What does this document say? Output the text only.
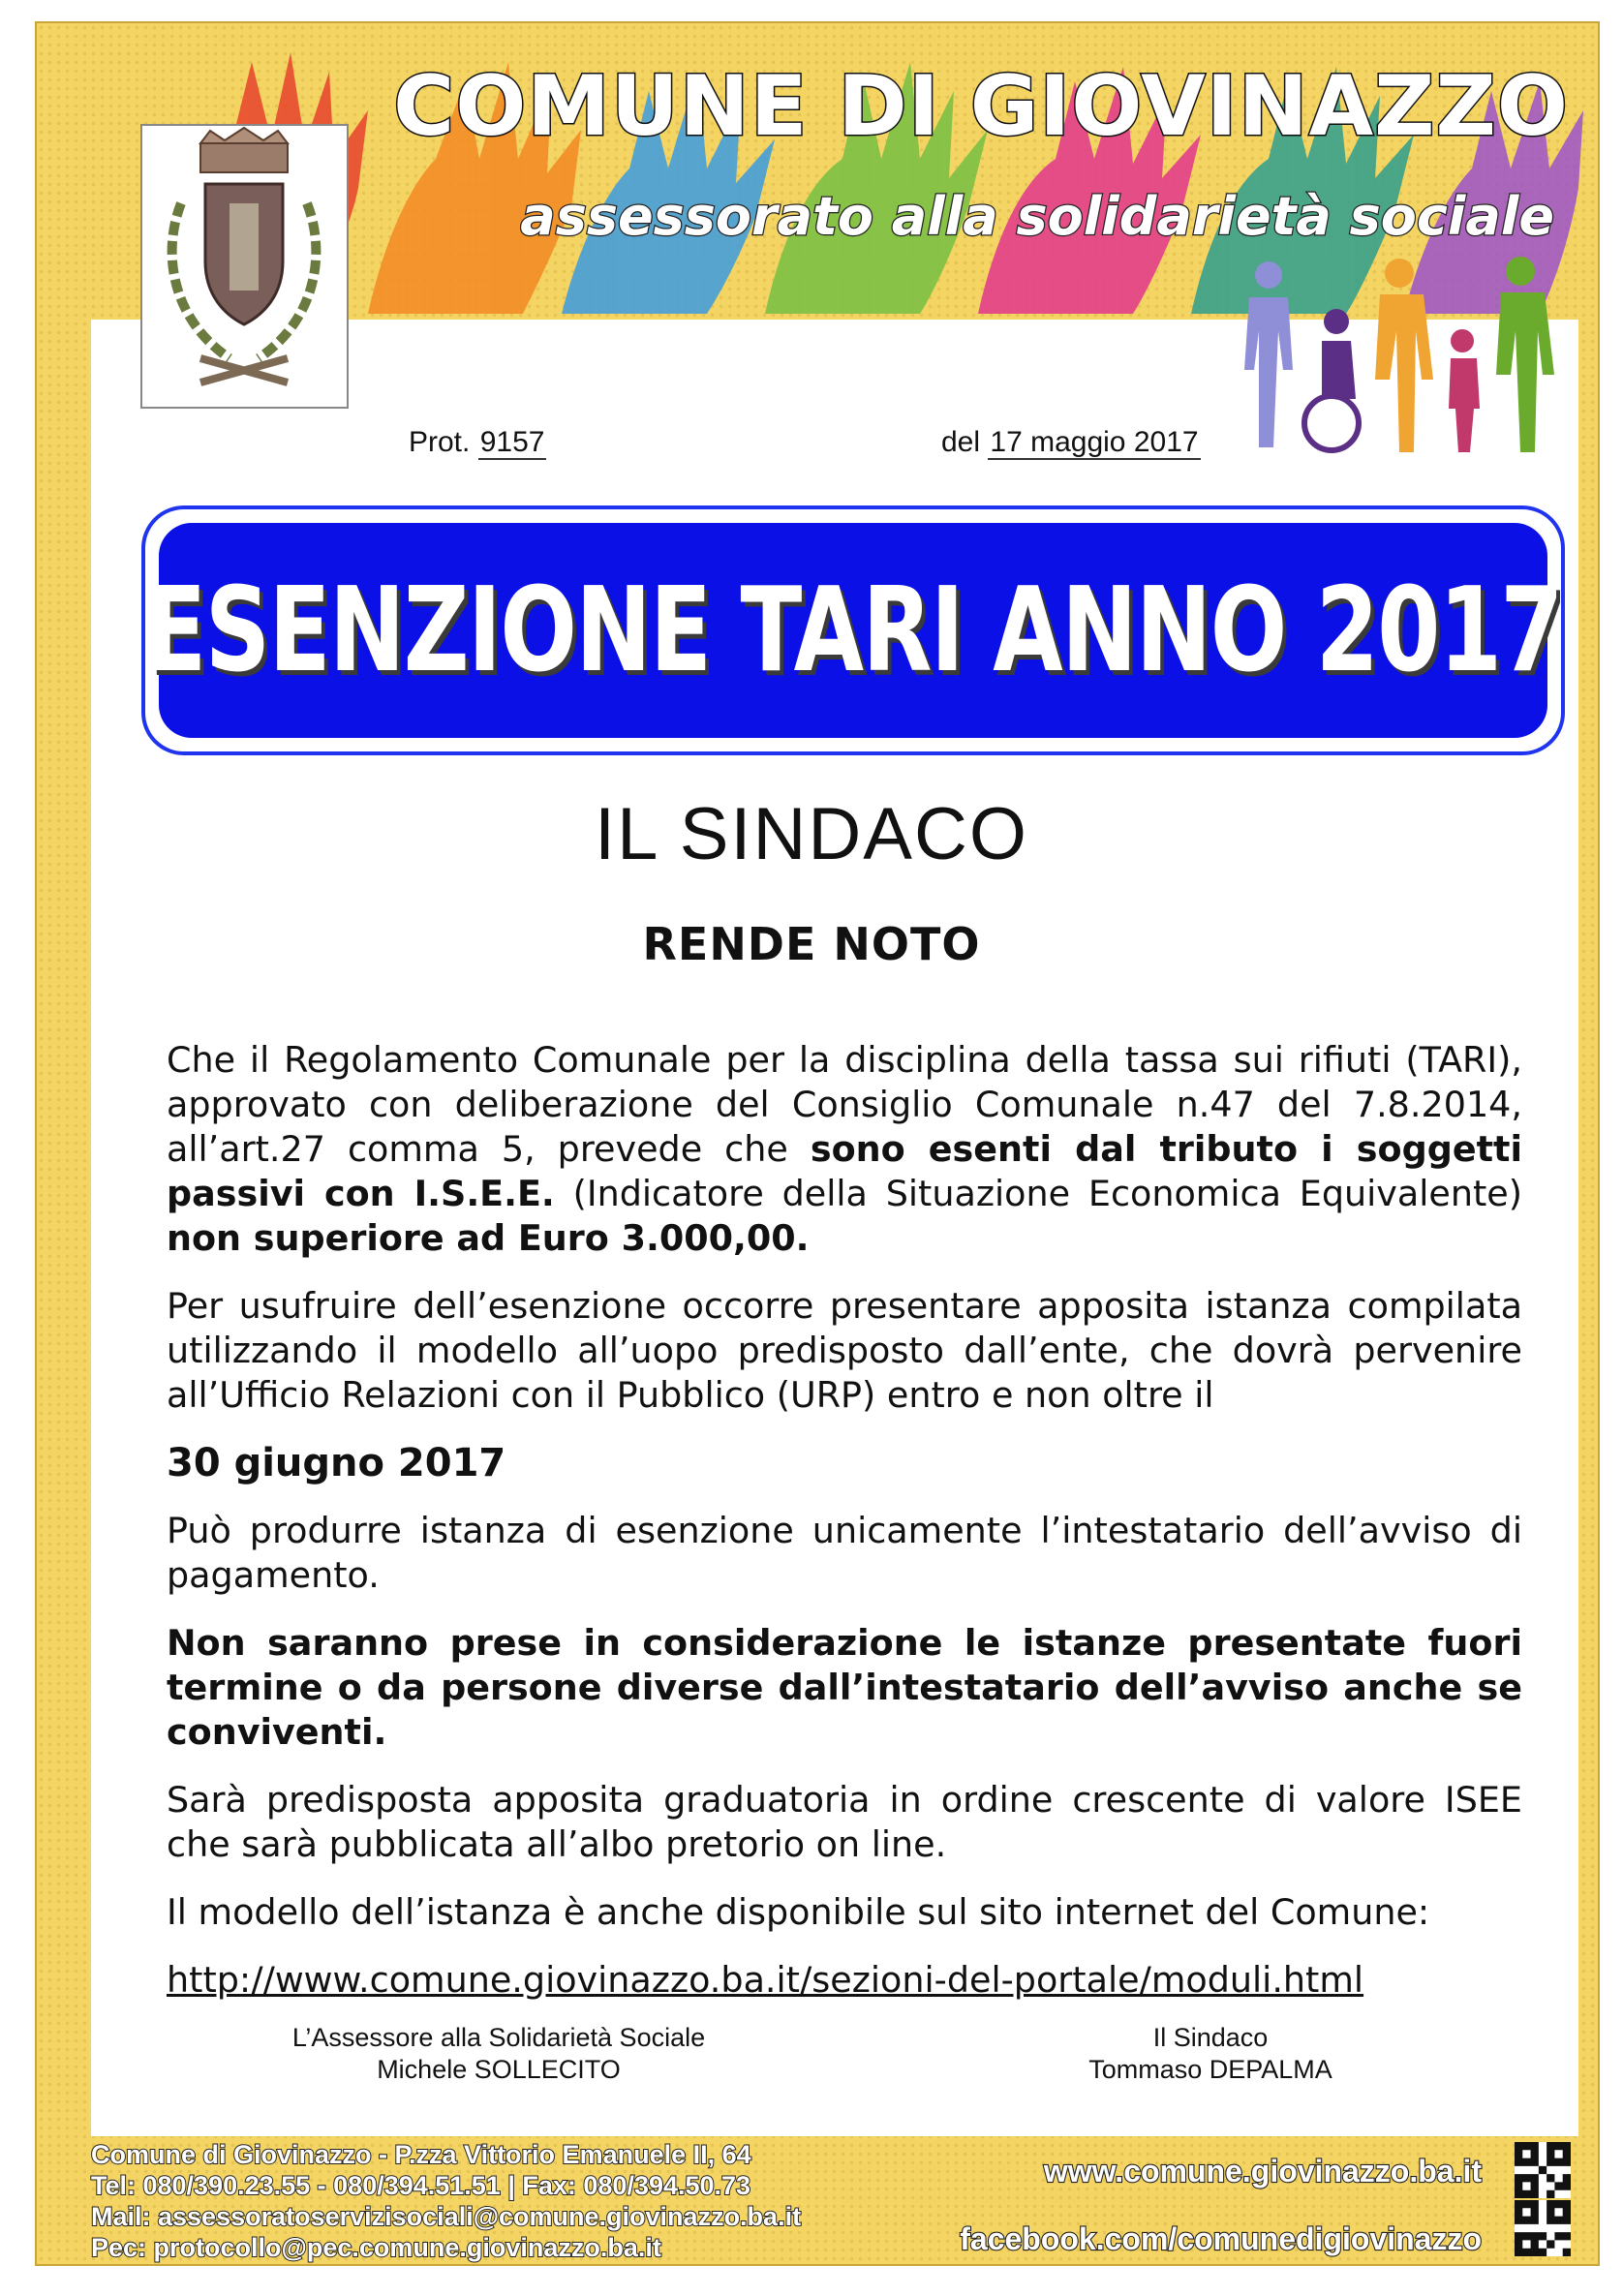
COMUNE DI GIOVINAZZO
assessorato alla solidarietà sociale
Prot. 9157	del 17 maggio 2017
ESENZIONE TARI ANNO 2017
IL SINDACO
RENDE NOTO

Che il Regolamento Comunale per la disciplina della tassa sui rifiuti (TARI), approvato con deliberazione del Consiglio Comunale n.47 del 7.8.2014, all’art.27 comma 5, prevede che sono esenti dal tributo i soggetti passivi con I.S.E.E. (Indicatore della Situazione Economica Equivalente) non superiore ad Euro 3.000,00.

Per usufruire dell’esenzione occorre presentare apposita istanza compilata utilizzando il modello all’uopo predisposto dall’ente, che dovrà pervenire all’Ufficio Relazioni con il Pubblico (URP) entro e non oltre il

30 giugno 2017

Può produrre istanza di esenzione unicamente l’intestatario dell’avviso di pagamento.

Non saranno prese in considerazione le istanze presentate fuori termine o da persone diverse dall’intestatario dell’avviso anche se conviventi.

Sarà predisposta apposita graduatoria in ordine crescente di valore ISEE che sarà pubblicata all’albo pretorio on line.

Il modello dell’istanza è anche disponibile sul sito internet del Comune:

http://www.comune.giovinazzo.ba.it/sezioni-del-portale/moduli.html

L’Assessore alla Solidarietà Sociale
Michele SOLLECITO
Il Sindaco
Tommaso DEPALMA
Comune di Giovinazzo - P.zza Vittorio Emanuele II, 64
Tel: 080/390.23.55 - 080/394.51.51 | Fax: 080/394.50.73
Mail: assessoratoservizisociali@comune.giovinazzo.ba.it
Pec: protocollo@pec.comune.giovinazzo.ba.it
www.comune.giovinazzo.ba.it
facebook.com/comunedigiovinazzo
